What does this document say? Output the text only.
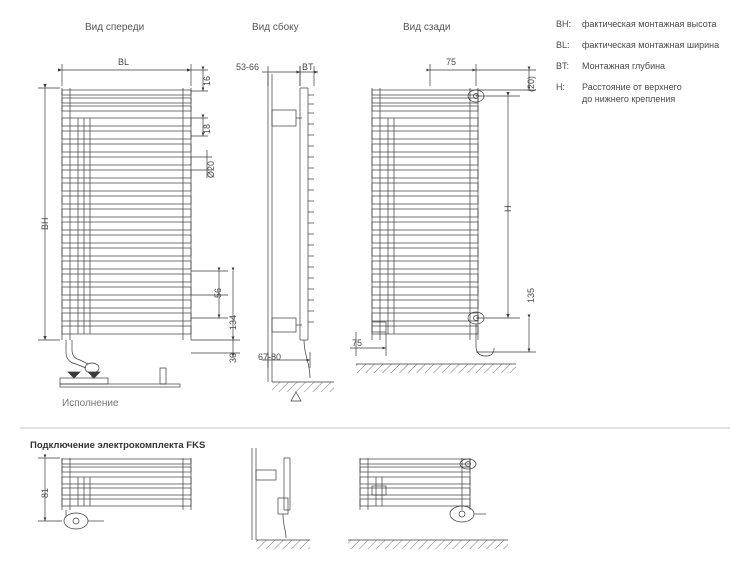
Вид спереди	Вид сбоку	Вид сзади	BH:	фактическая монтажная высота
BL:	фактическая монтажная ширина
BT:	Монтажная глубина
H:	Расстояние от верхнего
до нижнего крепления
BL
BH
16
18
Ø20
56
134
30
53-66	BT
67-80
75
(20)
H
135
75
81
Исполнение
Подключение электрокомплекта FKS
